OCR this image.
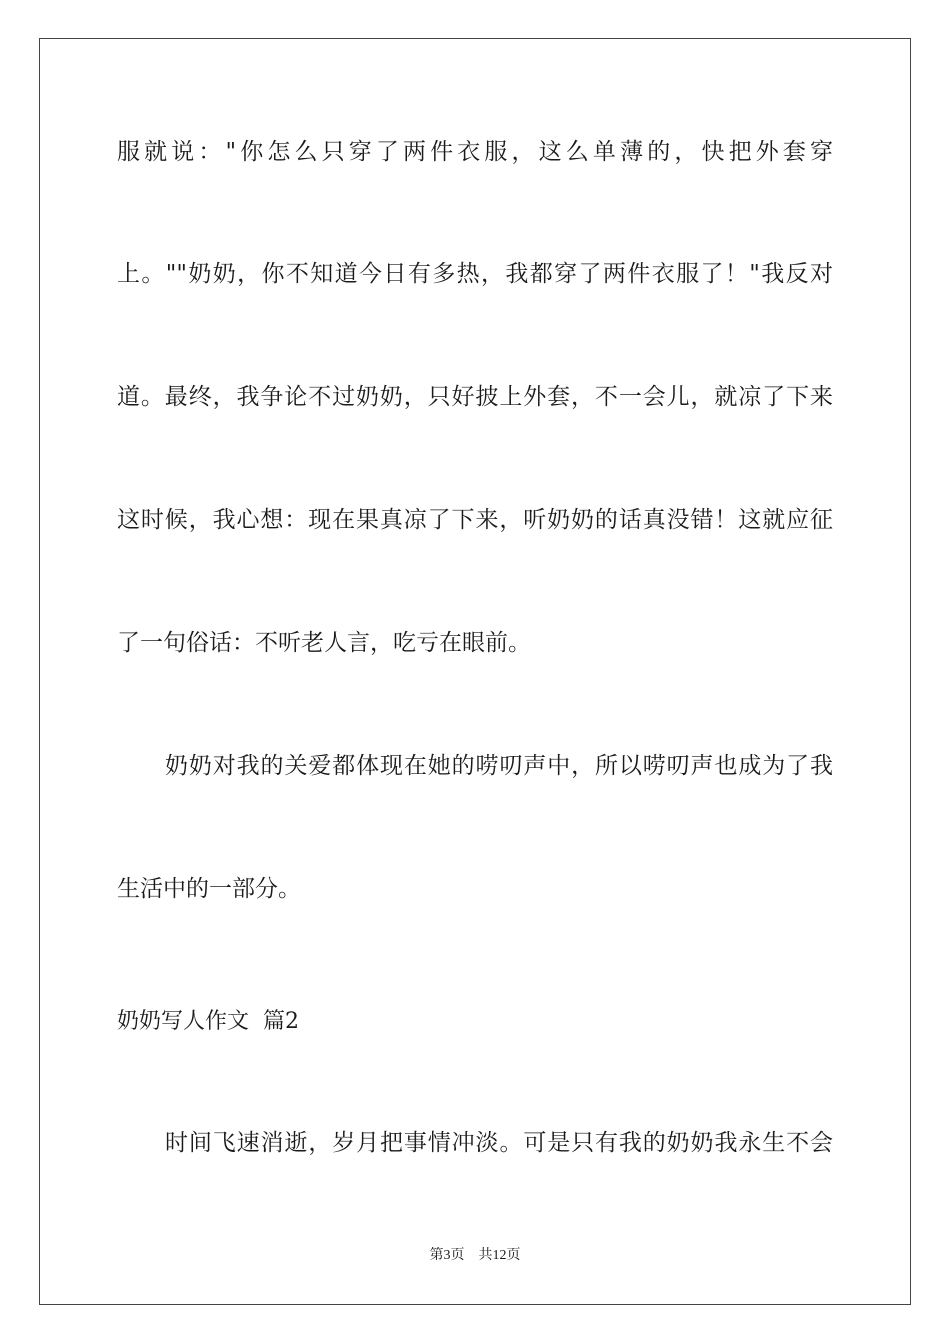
服就说："你怎么只穿了两件衣服，这么单薄的，快把外套穿

上。""奶奶，你不知道今日有多热，我都穿了两件衣服了！"我反对

道。最终，我争论不过奶奶，只好披上外套，不一会儿，就凉了下来

这时候，我心想：现在果真凉了下来，听奶奶的话真没错！这就应征

了一句俗话：不听老人言，吃亏在眼前。

奶奶对我的关爱都体现在她的唠叨声中，所以唠叨声也成为了我

生活中的一部分。

奶奶写人作文  篇2

时间飞速消逝，岁月把事情冲淡。可是只有我的奶奶我永生不会

第3页 共12页
